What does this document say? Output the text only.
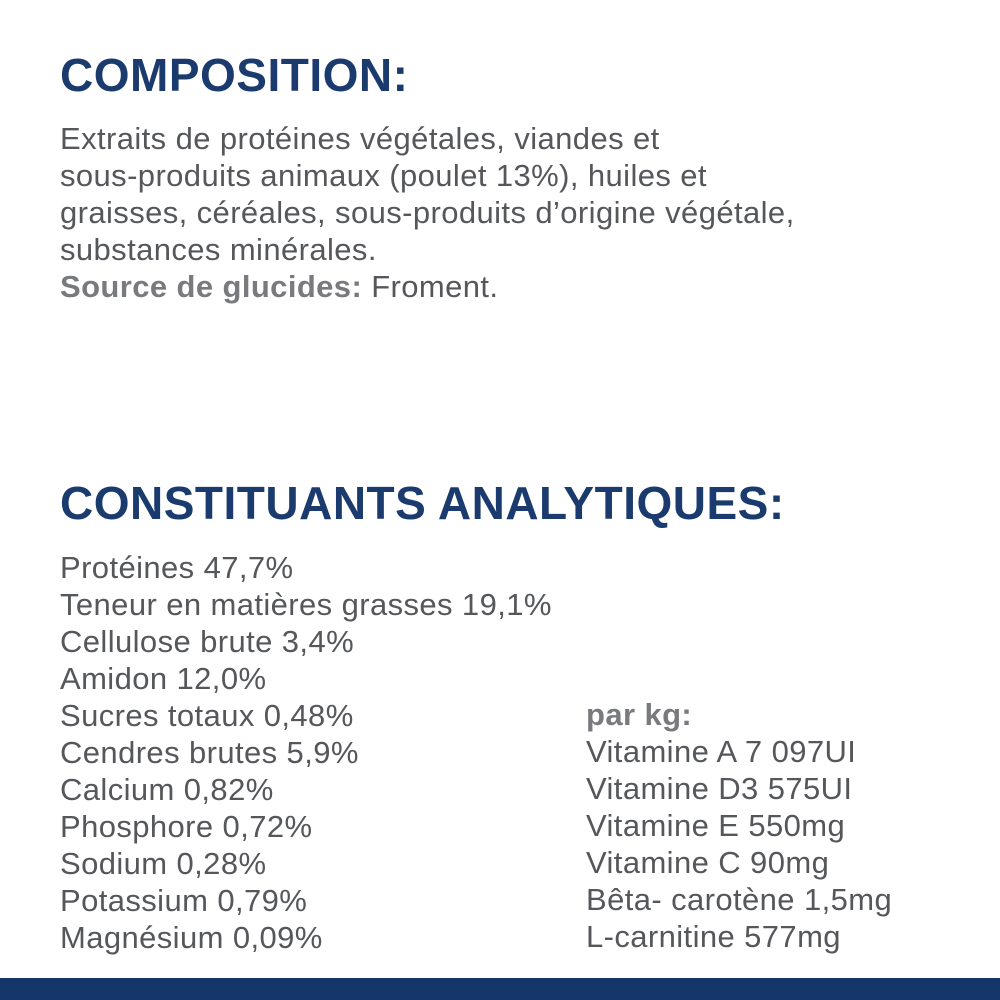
COMPOSITION:
Extraits de protéines végétales, viandes et
sous-produits animaux (poulet 13%), huiles et
graisses, céréales, sous-produits d’origine végétale,
substances minérales.
Source de glucides: Froment.
CONSTITUANTS ANALYTIQUES:
Protéines 47,7%
Teneur en matières grasses 19,1%
Cellulose brute 3,4%
Amidon 12,0%
Sucres totaux 0,48%
Cendres brutes 5,9%
Calcium 0,82%
Phosphore 0,72%
Sodium 0,28%
Potassium 0,79%
Magnésium 0,09%
par kg:
Vitamine A 7 097UI
Vitamine D3 575UI
Vitamine E 550mg
Vitamine C 90mg
Bêta- carotène 1,5mg
L-carnitine 577mg
